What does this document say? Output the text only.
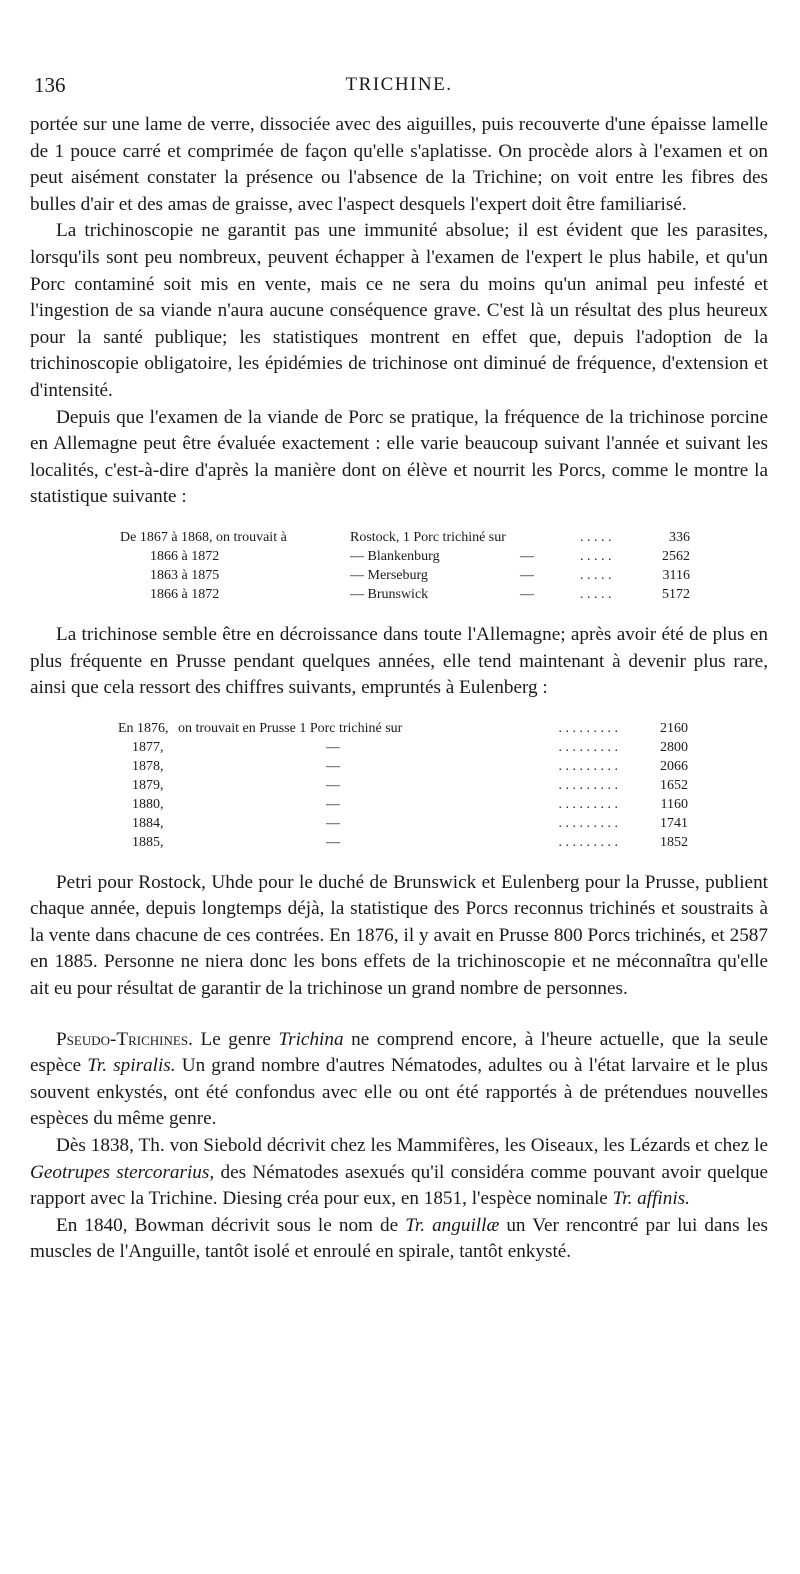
136	TRICHINE.

portée sur une lame de verre, dissociée avec des aiguilles, puis recouverte d'une épaisse lamelle de 1 pouce carré et comprimée de façon qu'elle s'aplatisse. On procède alors à l'examen et on peut aisément constater la présence ou l'absence de la Trichine; on voit entre les fibres des bulles d'air et des amas de graisse, avec l'aspect desquels l'expert doit être familiarisé.

La trichinoscopie ne garantit pas une immunité absolue; il est évident que les parasites, lorsqu'ils sont peu nombreux, peuvent échapper à l'examen de l'expert le plus habile, et qu'un Porc contaminé soit mis en vente, mais ce ne sera du moins qu'un animal peu infesté et l'ingestion de sa viande n'aura aucune conséquence grave. C'est là un résultat des plus heureux pour la santé publique; les statistiques montrent en effet que, depuis l'adoption de la trichinoscopie obligatoire, les épidémies de trichinose ont diminué de fréquence, d'extension et d'intensité.

Depuis que l'examen de la viande de Porc se pratique, la fréquence de la trichinose porcine en Allemagne peut être évaluée exactement : elle varie beaucoup suivant l'année et suivant les localités, c'est-à-dire d'après la manière dont on élève et nourrit les Porcs, comme le montre la statistique suivante :

De 1867 à 1868, on trouvait à	Rostock, 1 Porc trichiné sur	. . . . .	336
1866 à 1872	— Blankenburg	—	. . . . .	2562
1863 à 1875	— Merseburg	—	. . . . .	3116
1866 à 1872	— Brunswick	—	. . . . .	5172

La trichinose semble être en décroissance dans toute l'Allemagne; après avoir été de plus en plus fréquente en Prusse pendant quelques années, elle tend maintenant à devenir plus rare, ainsi que cela ressort des chiffres suivants, empruntés à Eulenberg :

En 1876, on trouvait en Prusse 1 Porc trichiné sur	. . . . . . . . .	2160
1877,	—	. . . . . . . . .	2800
1878,	—	. . . . . . . . .	2066
1879,	—	. . . . . . . . .	1652
1880,	—	. . . . . . . . .	1160
1884,	—	. . . . . . . . .	1741
1885,	—	. . . . . . . . .	1852

Petri pour Rostock, Uhde pour le duché de Brunswick et Eulenberg pour la Prusse, publient chaque année, depuis longtemps déjà, la statistique des Porcs reconnus trichinés et soustraits à la vente dans chacune de ces contrées. En 1876, il y avait en Prusse 800 Porcs trichinés, et 2587 en 1885. Personne ne niera donc les bons effets de la trichinoscopie et ne méconnaîtra qu'elle ait eu pour résultat de garantir de la trichinose un grand nombre de personnes.

Pseudo-Trichines. Le genre Trichina ne comprend encore, à l'heure actuelle, que la seule espèce Tr. spiralis. Un grand nombre d'autres Nématodes, adultes ou à l'état larvaire et le plus souvent enkystés, ont été confondus avec elle ou ont été rapportés à de prétendues nouvelles espèces du même genre.

Dès 1838, Th. von Siebold décrivit chez les Mammifères, les Oiseaux, les Lézards et chez le Geotrupes stercorarius, des Nématodes asexués qu'il considéra comme pouvant avoir quelque rapport avec la Trichine. Diesing créa pour eux, en 1851, l'espèce nominale Tr. affinis.

En 1840, Bowman décrivit sous le nom de Tr. anguillæ un Ver rencontré par lui dans les muscles de l'Anguille, tantôt isolé et enroulé en spirale, tantôt enkysté.
